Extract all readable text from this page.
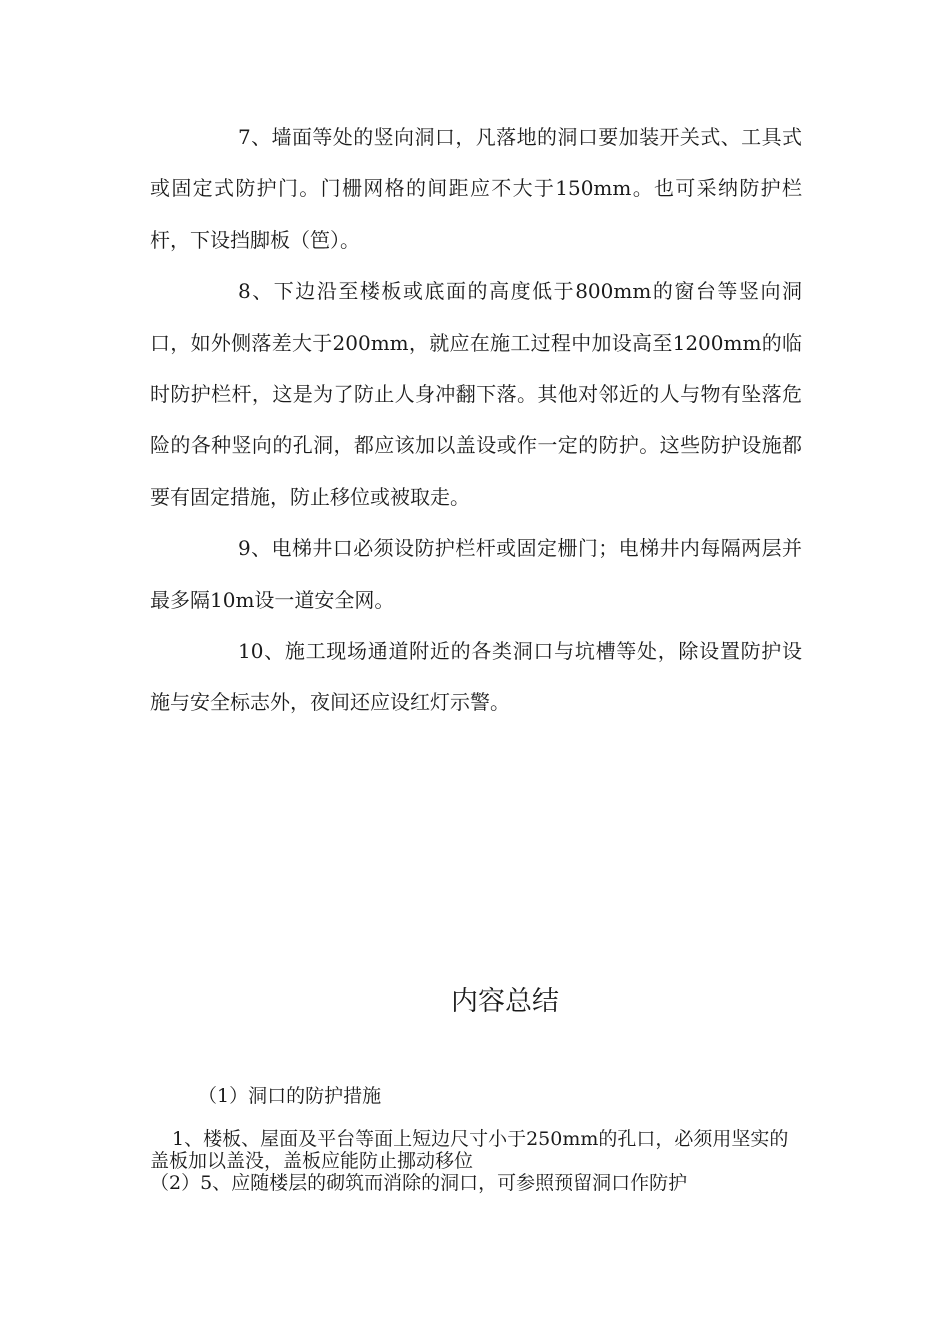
7、墙面等处的竖向洞口，凡落地的洞口要加装开关式、工具式或固定式防护门。门栅网格的间距应不大于150mm。也可采纳防护栏杆，下设挡脚板（笆）。

8、下边沿至楼板或底面的高度低于800mm的窗台等竖向洞口，如外侧落差大于200mm，就应在施工过程中加设高至1200mm的临时防护栏杆，这是为了防止人身冲翻下落。其他对邻近的人与物有坠落危险的各种竖向的孔洞，都应该加以盖设或作一定的防护。这些防护设施都要有固定措施，防止移位或被取走。

9、电梯井口必须设防护栏杆或固定栅门；电梯井内每隔两层并最多隔10m设一道安全网。

10、施工现场通道附近的各类洞口与坑槽等处，除设置防护设施与安全标志外，夜间还应设红灯示警。

内容总结

（1）洞口的防护措施

1、楼板、屋面及平台等面上短边尺寸小于250mm的孔口，必须用坚实的盖板加以盖没，盖板应能防止挪动移位

（2）5、应随楼层的砌筑而消除的洞口，可参照预留洞口作防护
